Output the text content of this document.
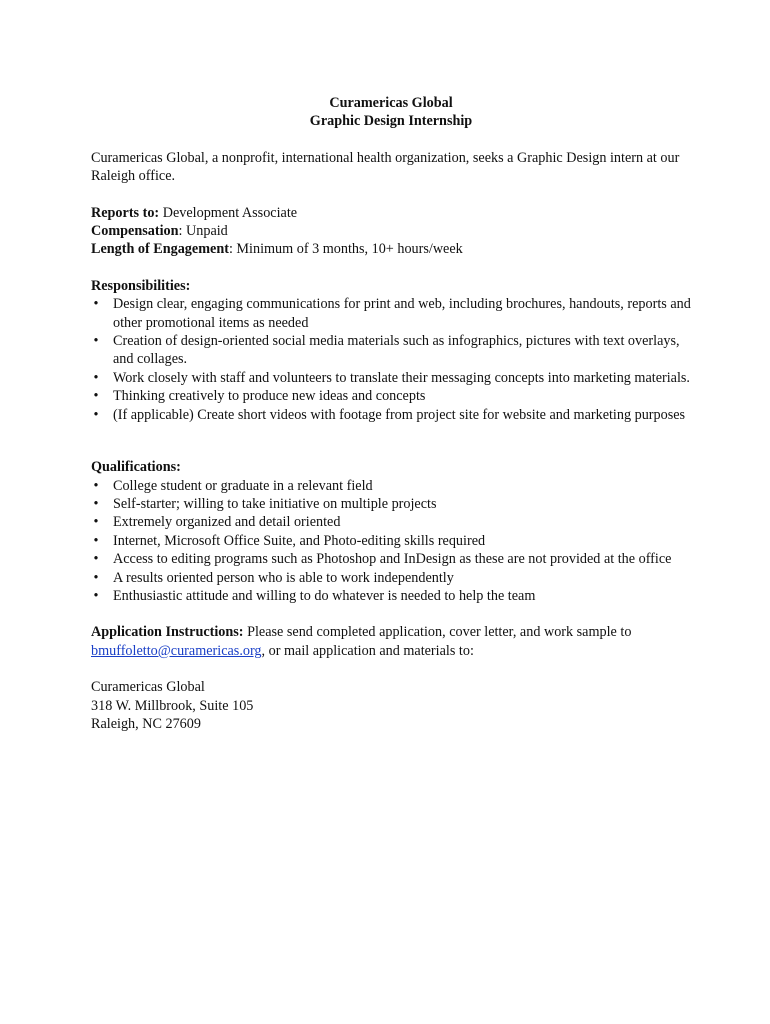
Curamericas Global

Graphic Design Internship

Curamericas Global, a nonprofit, international health organization, seeks a Graphic Design intern at our Raleigh office.

Reports to: Development Associate

Compensation: Unpaid

Length of Engagement: Minimum of 3 months, 10+ hours/week

Responsibilities:

• Design clear, engaging communications for print and web, including brochures, handouts, reports and other promotional items as needed
• Creation of design-oriented social media materials such as infographics, pictures with text overlays, and collages.
• Work closely with staff and volunteers to translate their messaging concepts into marketing materials.
• Thinking creatively to produce new ideas and concepts
• (If applicable) Create short videos with footage from project site for website and marketing purposes

Qualifications:

• College student or graduate in a relevant field
• Self-starter; willing to take initiative on multiple projects
• Extremely organized and detail oriented
• Internet, Microsoft Office Suite, and Photo-editing skills required
• Access to editing programs such as Photoshop and InDesign as these are not provided at the office
• A results oriented person who is able to work independently
• Enthusiastic attitude and willing to do whatever is needed to help the team

Application Instructions: Please send completed application, cover letter, and work sample to
bmuffoletto@curamericas.org, or mail application and materials to:

Curamericas Global

318 W. Millbrook, Suite 105

Raleigh, NC 27609
